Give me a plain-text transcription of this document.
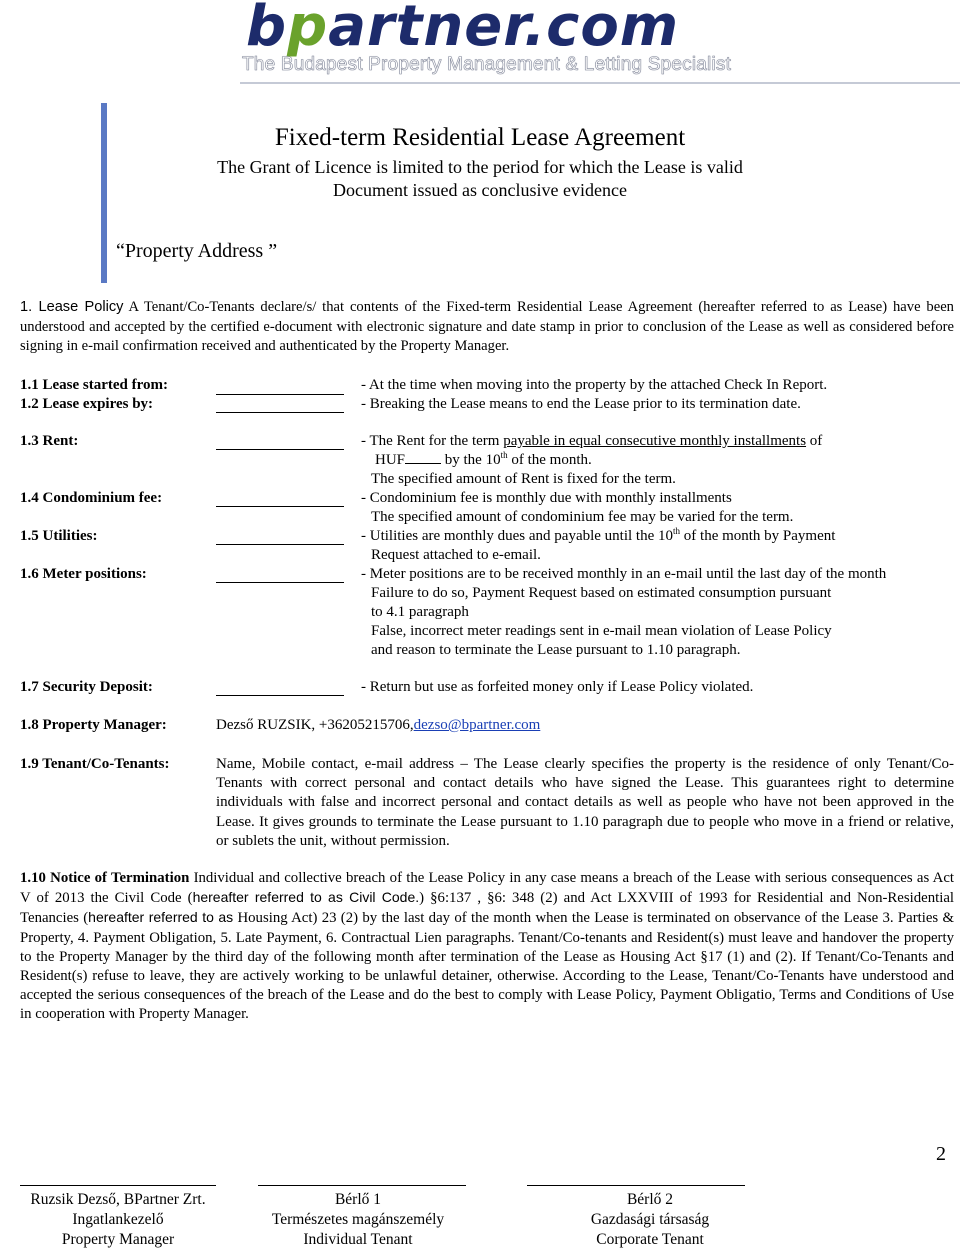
bpartner.com
The Budapest Property Management & Letting Specialist
Fixed-term Residential Lease Agreement
The Grant of Licence is limited to the period for which the Lease is valid
Document issued as conclusive evidence
“Property Address ”
1. Lease Policy A Tenant/Co-Tenants declare/s/ that contents of the Fixed-term Residential Lease Agreement (hereafter referred to as Lease) have been understood and accepted by the certified e-document with electronic signature and date stamp in prior to conclusion of the Lease as well as considered before signing in e-mail confirmation received and authenticated by the Property Manager.
1.1 Lease started from:	- At the time when moving into the property by the attached Check In Report.
1.2 Lease expires by:	- Breaking the Lease means to end the Lease prior to its termination date.
1.3 Rent:	- The Rent for the term payable in equal consecutive monthly installments of
HUF by the 10th of the month.
The specified amount of Rent is fixed for the term.
1.4 Condominium fee:	- Condominium fee is monthly due with monthly installments
The specified amount of condominium fee may be varied for the term.
1.5 Utilities:	- Utilities are monthly dues and payable until the 10th of the month by Payment
Request attached to e-email.
1.6 Meter positions:	- Meter positions are to be received monthly in an e-mail until the last day of the month
Failure to do so, Payment Request based on estimated consumption pursuant
to 4.1 paragraph
False, incorrect meter readings sent in e-mail mean violation of Lease Policy
and reason to terminate the Lease pursuant to 1.10 paragraph.
1.7 Security Deposit:	- Return but use as forfeited money only if Lease Policy violated.
1.8 Property Manager:	Dezső RUZSIK, +36205215706,dezso@bpartner.com
1.9 Tenant/Co-Tenants:	Name, Mobile contact, e-mail address – The Lease clearly specifies the property is the residence of only Tenant/Co-Tenants with correct personal and contact details who have signed the Lease. This guarantees right to determine individuals with false and incorrect personal and contact details as well as people who have not been approved in the Lease. It gives grounds to terminate the Lease pursuant to 1.10 paragraph due to people who move in a friend or relative, or sublets the unit, without permission.
1.10 Notice of Termination Individual and collective breach of the Lease Policy in any case means a breach of the Lease with serious consequences as Act V of 2013 the Civil Code (hereafter referred to as Civil Code.) §6:137 , §6: 348 (2) and Act LXXVIII of 1993 for Residential and Non-Residential Tenancies (hereafter referred to as Housing Act) 23 (2) by the last day of the month when the Lease is terminated on observance of the Lease 3. Parties & Property, 4. Payment Obligation, 5. Late Payment, 6. Contractual Lien paragraphs. Tenant/Co-tenants and Resident(s) must leave and handover the property to the Property Manager by the third day of the following month after termination of the Lease as Housing Act §17 (1) and (2). If Tenant/Co-Tenants and Resident(s) refuse to leave, they are actively working to be unlawful detainer, otherwise. According to the Lease, Tenant/Co-Tenants have understood and accepted the serious consequences of the breach of the Lease and do the best to comply with Lease Policy, Payment Obligatio, Terms and Conditions of Use in cooperation with Property Manager.
2
Ruzsik Dezső, BPartner Zrt.
Ingatlankezelő
Property Manager
Bérlő 1
Természetes magánszemély
Individual Tenant
Bérlő 2
Gazdasági társaság
Corporate Tenant
